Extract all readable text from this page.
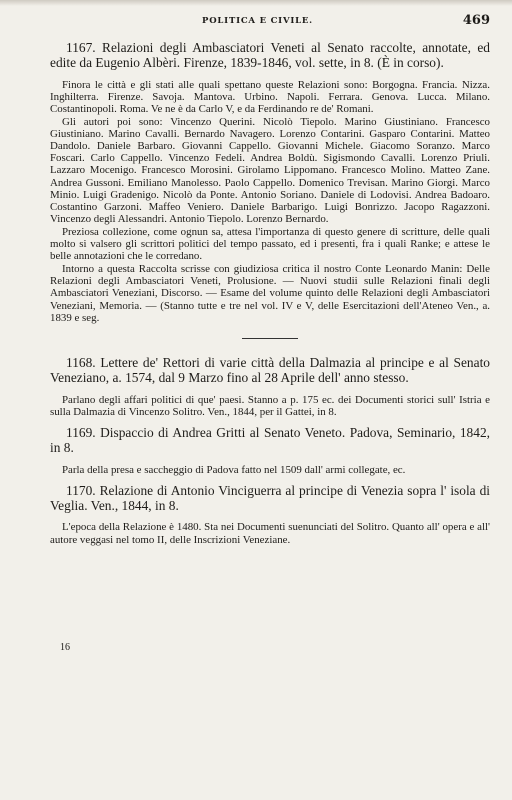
POLITICA E CIVILE.	469

1167. Relazioni degli Ambasciatori Veneti al Senato raccolte, annotate, ed edite da Eugenio Albèri. Firenze, 1839-1846, vol. sette, in 8. (È in corso).

Finora le città e gli stati alle quali spettano queste Relazioni sono: Borgogna. Francia. Nizza. Inghilterra. Firenze. Savoja. Mantova. Urbino. Napoli. Ferrara. Genova. Lucca. Milano. Costantinopoli. Roma. Ve ne è da Carlo V, e da Ferdinando re de' Romani.

Gli autori poi sono: Vincenzo Querini. Nicolò Tiepolo. Marino Giustiniano. Francesco Giustiniano. Marino Cavalli. Bernardo Navagero. Lorenzo Contarini. Gasparo Contarini. Matteo Dandolo. Daniele Barbaro. Giovanni Cappello. Giovanni Michele. Giacomo Soranzo. Marco Foscari. Carlo Cappello. Vincenzo Fedeli. Andrea Boldù. Sigismondo Cavalli. Lorenzo Priuli. Lazzaro Mocenigo. Francesco Morosini. Girolamo Lippomano. Francesco Molino. Matteo Zane. Andrea Gussoni. Emiliano Manolesso. Paolo Cappello. Domenico Trevisan. Marino Giorgi. Marco Minio. Luigi Gradenigo. Nicolò da Ponte. Antonio Soriano. Daniele di Lodovisi. Andrea Badoaro. Costantino Garzoni. Maffeo Veniero. Daniele Barbarigo. Luigi Bonrizzo. Jacopo Ragazzoni. Vincenzo degli Alessandri. Antonio Tiepolo. Lorenzo Bernardo.

Preziosa collezione, come ognun sa, attesa l'importanza di questo genere di scritture, delle quali molto si valsero gli scrittori politici del tempo passato, ed i presenti, fra i quali Ranke; e attese le belle annotazioni che le corredano.

Intorno a questa Raccolta scrisse con giudiziosa critica il nostro Conte Leonardo Manin: Delle Relazioni degli Ambasciatori Veneti, Prolusione. — Nuovi studii sulle Relazioni finali degli Ambasciatori Veneziani, Discorso. — Esame del volume quinto delle Relazioni degli Ambasciatori Veneziani, Memoria. — (Stanno tutte e tre nel vol. IV e V, delle Esercitazioni dell'Ateneo Ven., a. 1839 e seg.

1168. Lettere de' Rettori di varie città della Dalmazia al principe e al Senato Veneziano, a. 1574, dal 9 Marzo fino al 28 Aprile dell' anno stesso.

Parlano degli affari politici di que' paesi. Stanno a p. 175 ec. dei Documenti storici sull' Istria e sulla Dalmazia di Vincenzo Solitro. Ven., 1844, per il Gattei, in 8.

1169. Dispaccio di Andrea Gritti al Senato Veneto. Padova, Seminario, 1842, in 8.

Parla della presa e saccheggio di Padova fatto nel 1509 dall' armi collegate, ec.

1170. Relazione di Antonio Vinciguerra al principe di Venezia sopra l' isola di Veglia. Ven., 1844, in 8.

L'epoca della Relazione è 1480. Sta nei Documenti suenunciati del Solitro. Quanto all' opera e all' autore veggasi nel tomo II, delle Inscrizioni Veneziane.

16
